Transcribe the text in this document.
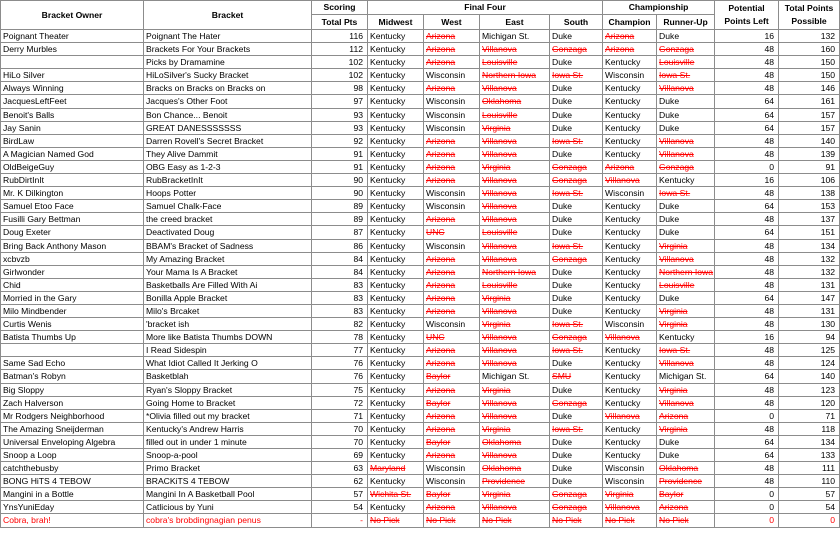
Bracket Owner	Bracket	Scoring	Final Four				Championship		Potential Points Left	Total Points Possible
		Total Pts	Midwest	West	East	South	Champion	Runner-Up		
Poignant Theater	Poignant The Hater	116	Kentucky	Arizona	Michigan St.	Duke	Arizona	Duke	16	132
Derry Murbles	Brackets For Your Brackets	112	Kentucky	Arizona	Villanova	Gonzaga	Arizona	Gonzaga	48	160
	Picks by Dramamine	102	Kentucky	Arizona	Louisville	Duke	Kentucky	Louisville	48	150
HiLo Silver	HiLoSilver's Sucky Bracket	102	Kentucky	Wisconsin	Northern Iowa	Iowa St.	Wisconsin	Iowa St.	48	150
Always Winning	Bracks on Bracks on Bracks on	98	Kentucky	Arizona	Villanova	Duke	Kentucky	Villanova	48	146
JacquesLeftFeet	Jacques's Other Foot	97	Kentucky	Wisconsin	Oklahoma	Duke	Kentucky	Duke	64	161
Benoit's Balls	Bon Chance... Benoit	93	Kentucky	Wisconsin	Louisville	Duke	Kentucky	Duke	64	157
Jay Sanin	GREAT DANESSSSSSS	93	Kentucky	Wisconsin	Virginia	Duke	Kentucky	Duke	64	157
BirdLaw	Darren Rovell's Secret Bracket	92	Kentucky	Arizona	Villanova	Iowa St.	Kentucky	Villanova	48	140
A Magician Named God	They Alive Dammit	91	Kentucky	Arizona	Villanova	Duke	Kentucky	Villanova	48	139
OldBeigeGuy	OBG Easy as 1-2-3	91	Kentucky	Arizona	Virginia	Gonzaga	Arizona	Gonzaga	0	91
RubDirtInIt	RubBracketInIt	90	Kentucky	Arizona	Villanova	Gonzaga	Villanova	Kentucky	16	106
Mr. K Dilkington	Hoops Potter	90	Kentucky	Wisconsin	Villanova	Iowa St.	Wisconsin	Iowa St.	48	138
Samuel Etoo Face	Samuel Chalk-Face	89	Kentucky	Wisconsin	Villanova	Duke	Kentucky	Duke	64	153
Fusilli Gary Bettman	the creed bracket	89	Kentucky	Arizona	Villanova	Duke	Kentucky	Duke	48	137
Doug Exeter	Deactivated Doug	87	Kentucky	UNC	Louisville	Duke	Kentucky	Duke	64	151
Bring Back Anthony Mason	BBAM's Bracket of Sadness	86	Kentucky	Wisconsin	Villanova	Iowa St.	Kentucky	Virginia	48	134
xcbvzb	My Amazing Bracket	84	Kentucky	Arizona	Villanova	Gonzaga	Kentucky	Villanova	48	132
Girlwonder	Your Mama Is A Bracket	84	Kentucky	Arizona	Northern Iowa	Duke	Kentucky	Northern Iowa	48	132
Chid	Basketballs Are Filled With Ai	83	Kentucky	Arizona	Louisville	Duke	Kentucky	Louisville	48	131
Morried in the Gary	Bonilla Apple Bracket	83	Kentucky	Arizona	Virginia	Duke	Kentucky	Duke	64	147
Milo Mindbender	Milo's Brcaket	83	Kentucky	Arizona	Villanova	Duke	Kentucky	Virginia	48	131
Curtis Wenis	'bracket ish	82	Kentucky	Wisconsin	Virginia	Iowa St.	Wisconsin	Virginia	48	130
Batista Thumbs Up	More like Batista Thumbs DOWN	78	Kentucky	UNC	Villanova	Gonzaga	Villanova	Kentucky	16	94
	I Read Sidespin	77	Kentucky	Arizona	Villanova	Iowa St.	Kentucky	Iowa St.	48	125
Same Sad Echo	What Idiot Called It Jerking O	76	Kentucky	Arizona	Villanova	Duke	Kentucky	Villanova	48	124
Batman's Robyn	Basketblah	76	Kentucky	Baylor	Michigan St.	SMU	Kentucky	Michigan St.	64	140
Big Sloppy	Ryan's Sloppy Bracket	75	Kentucky	Arizona	Virginia	Duke	Kentucky	Virginia	48	123
Zach Halverson	Going Home to Bracket	72	Kentucky	Baylor	Villanova	Gonzaga	Kentucky	Villanova	48	120
Mr Rodgers Neighborhood	*Olivia filled out my bracket	71	Kentucky	Arizona	Villanova	Duke	Villanova	Arizona	0	71
The Amazing Sneijderman	Kentucky's Andrew Harris	70	Kentucky	Arizona	Virginia	Iowa St.	Kentucky	Virginia	48	118
Universal Enveloping Algebra	filled out in under 1 minute	70	Kentucky	Baylor	Oklahoma	Duke	Kentucky	Duke	64	134
Snoop a Loop	Snoop-a-pool	69	Kentucky	Arizona	Villanova	Duke	Kentucky	Duke	64	133
catchthebusby	Primo Bracket	63	Maryland	Wisconsin	Oklahoma	Duke	Wisconsin	Oklahoma	48	111
BONG HiTS 4 TEBOW	BRACKiTS 4 TEBOW	62	Kentucky	Wisconsin	Providence	Duke	Wisconsin	Providence	48	110
Mangini in a Bottle	Mangini In A Basketball Pool	57	Wichita St.	Baylor	Virginia	Gonzaga	Virginia	Baylor	0	57
YnsYuniEday	Catlicious by Yuni	54	Kentucky	Arizona	Villanova	Gonzaga	Villanova	Arizona	0	54
Cobra, brah!	cobra's brobdingnagian penus	-	No Pick	No Pick	No Pick	No Pick	No Pick	No Pick	0	0
